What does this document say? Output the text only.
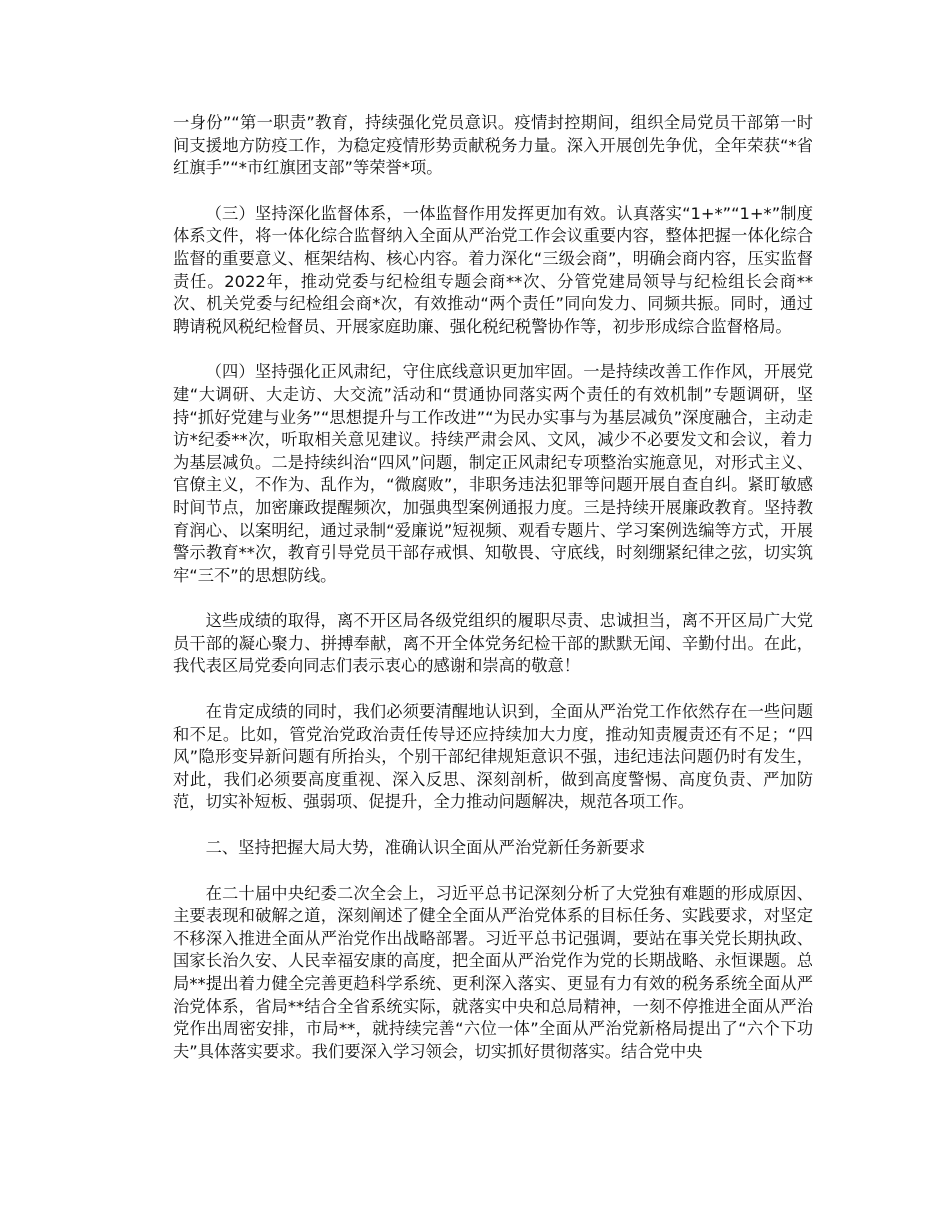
一身份”“第一职责”教育，持续强化党员意识。疫情封控期间，组织全局党员干部第一时间支援地方防疫工作，为稳定疫情形势贡献税务力量。深入开展创先争优，全年荣获“*省红旗手”“*市红旗团支部”等荣誉*项。

（三）坚持深化监督体系，一体监督作用发挥更加有效。认真落实“1+*”“1+*”制度体系文件，将一体化综合监督纳入全面从严治党工作会议重要内容，整体把握一体化综合监督的重要意义、框架结构、核心内容。着力深化“三级会商”，明确会商内容，压实监督责任。2022年，推动党委与纪检组专题会商**次、分管党建局领导与纪检组长会商**次、机关党委与纪检组会商*次，有效推动“两个责任”同向发力、同频共振。同时，通过聘请税风税纪检督员、开展家庭助廉、强化税纪税警协作等，初步形成综合监督格局。

（四）坚持强化正风肃纪，守住底线意识更加牢固。一是持续改善工作作风，开展党建“大调研、大走访、大交流”活动和“贯通协同落实两个责任的有效机制”专题调研，坚持“抓好党建与业务”“思想提升与工作改进”“为民办实事与为基层减负”深度融合，主动走访*纪委**次，听取相关意见建议。持续严肃会风、文风，减少不必要发文和会议，着力为基层减负。二是持续纠治“四风”问题，制定正风肃纪专项整治实施意见，对形式主义、官僚主义，不作为、乱作为，“微腐败”，非职务违法犯罪等问题开展自查自纠。紧盯敏感时间节点，加密廉政提醒频次，加强典型案例通报力度。三是持续开展廉政教育。坚持教育润心、以案明纪，通过录制“爱廉说”短视频、观看专题片、学习案例选编等方式，开展警示教育**次，教育引导党员干部存戒惧、知敬畏、守底线，时刻绷紧纪律之弦，切实筑牢“三不”的思想防线。

这些成绩的取得，离不开区局各级党组织的履职尽责、忠诚担当，离不开区局广大党员干部的凝心聚力、拼搏奉献，离不开全体党务纪检干部的默默无闻、辛勤付出。在此，我代表区局党委向同志们表示衷心的感谢和崇高的敬意！

在肯定成绩的同时，我们必须要清醒地认识到，全面从严治党工作依然存在一些问题和不足。比如，管党治党政治责任传导还应持续加大力度，推动知责履责还有不足；“四风”隐形变异新问题有所抬头，个别干部纪律规矩意识不强，违纪违法问题仍时有发生，对此，我们必须要高度重视、深入反思、深刻剖析，做到高度警惕、高度负责、严加防范，切实补短板、强弱项、促提升，全力推动问题解决，规范各项工作。

二、坚持把握大局大势，准确认识全面从严治党新任务新要求

在二十届中央纪委二次全会上，习近平总书记深刻分析了大党独有难题的形成原因、主要表现和破解之道，深刻阐述了健全全面从严治党体系的目标任务、实践要求，对坚定不移深入推进全面从严治党作出战略部署。习近平总书记强调，要站在事关党长期执政、国家长治久安、人民幸福安康的高度，把全面从严治党作为党的长期战略、永恒课题。总局**提出着力健全完善更趋科学系统、更利深入落实、更显有力有效的税务系统全面从严治党体系，省局**结合全省系统实际，就落实中央和总局精神，一刻不停推进全面从严治党作出周密安排，市局**，就持续完善“六位一体”全面从严治党新格局提出了“六个下功夫”具体落实要求。我们要深入学习领会，切实抓好贯彻落实。结合党中央
